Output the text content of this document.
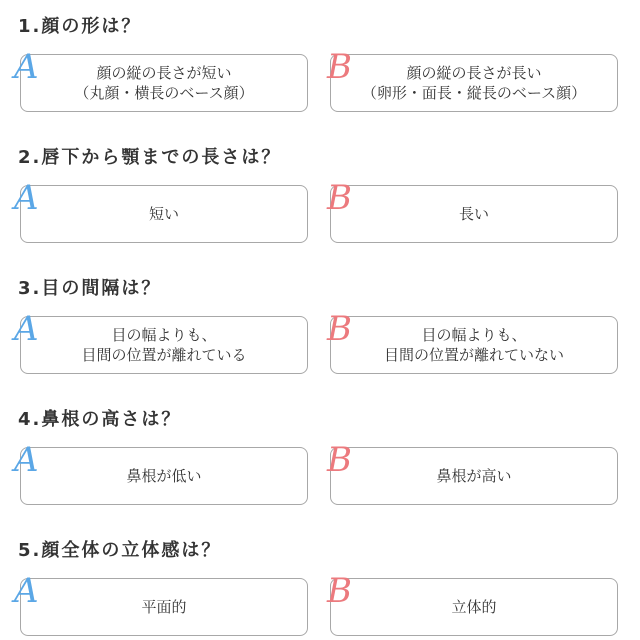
1.顔の形は？
顔の縦の長さが短い
（丸顔・横長のベース顔）
A	顔の縦の長さが長い
（卵形・面長・縦長のベース顔）
B
2.唇下から顎までの長さは？
短い
A	長い
B
3.目の間隔は？
目の幅よりも、
目間の位置が離れている
A	目の幅よりも、
目間の位置が離れていない
B
4.鼻根の高さは？
鼻根が低い
A	鼻根が高い
B
5.顔全体の立体感は？
平面的
A	立体的
B
